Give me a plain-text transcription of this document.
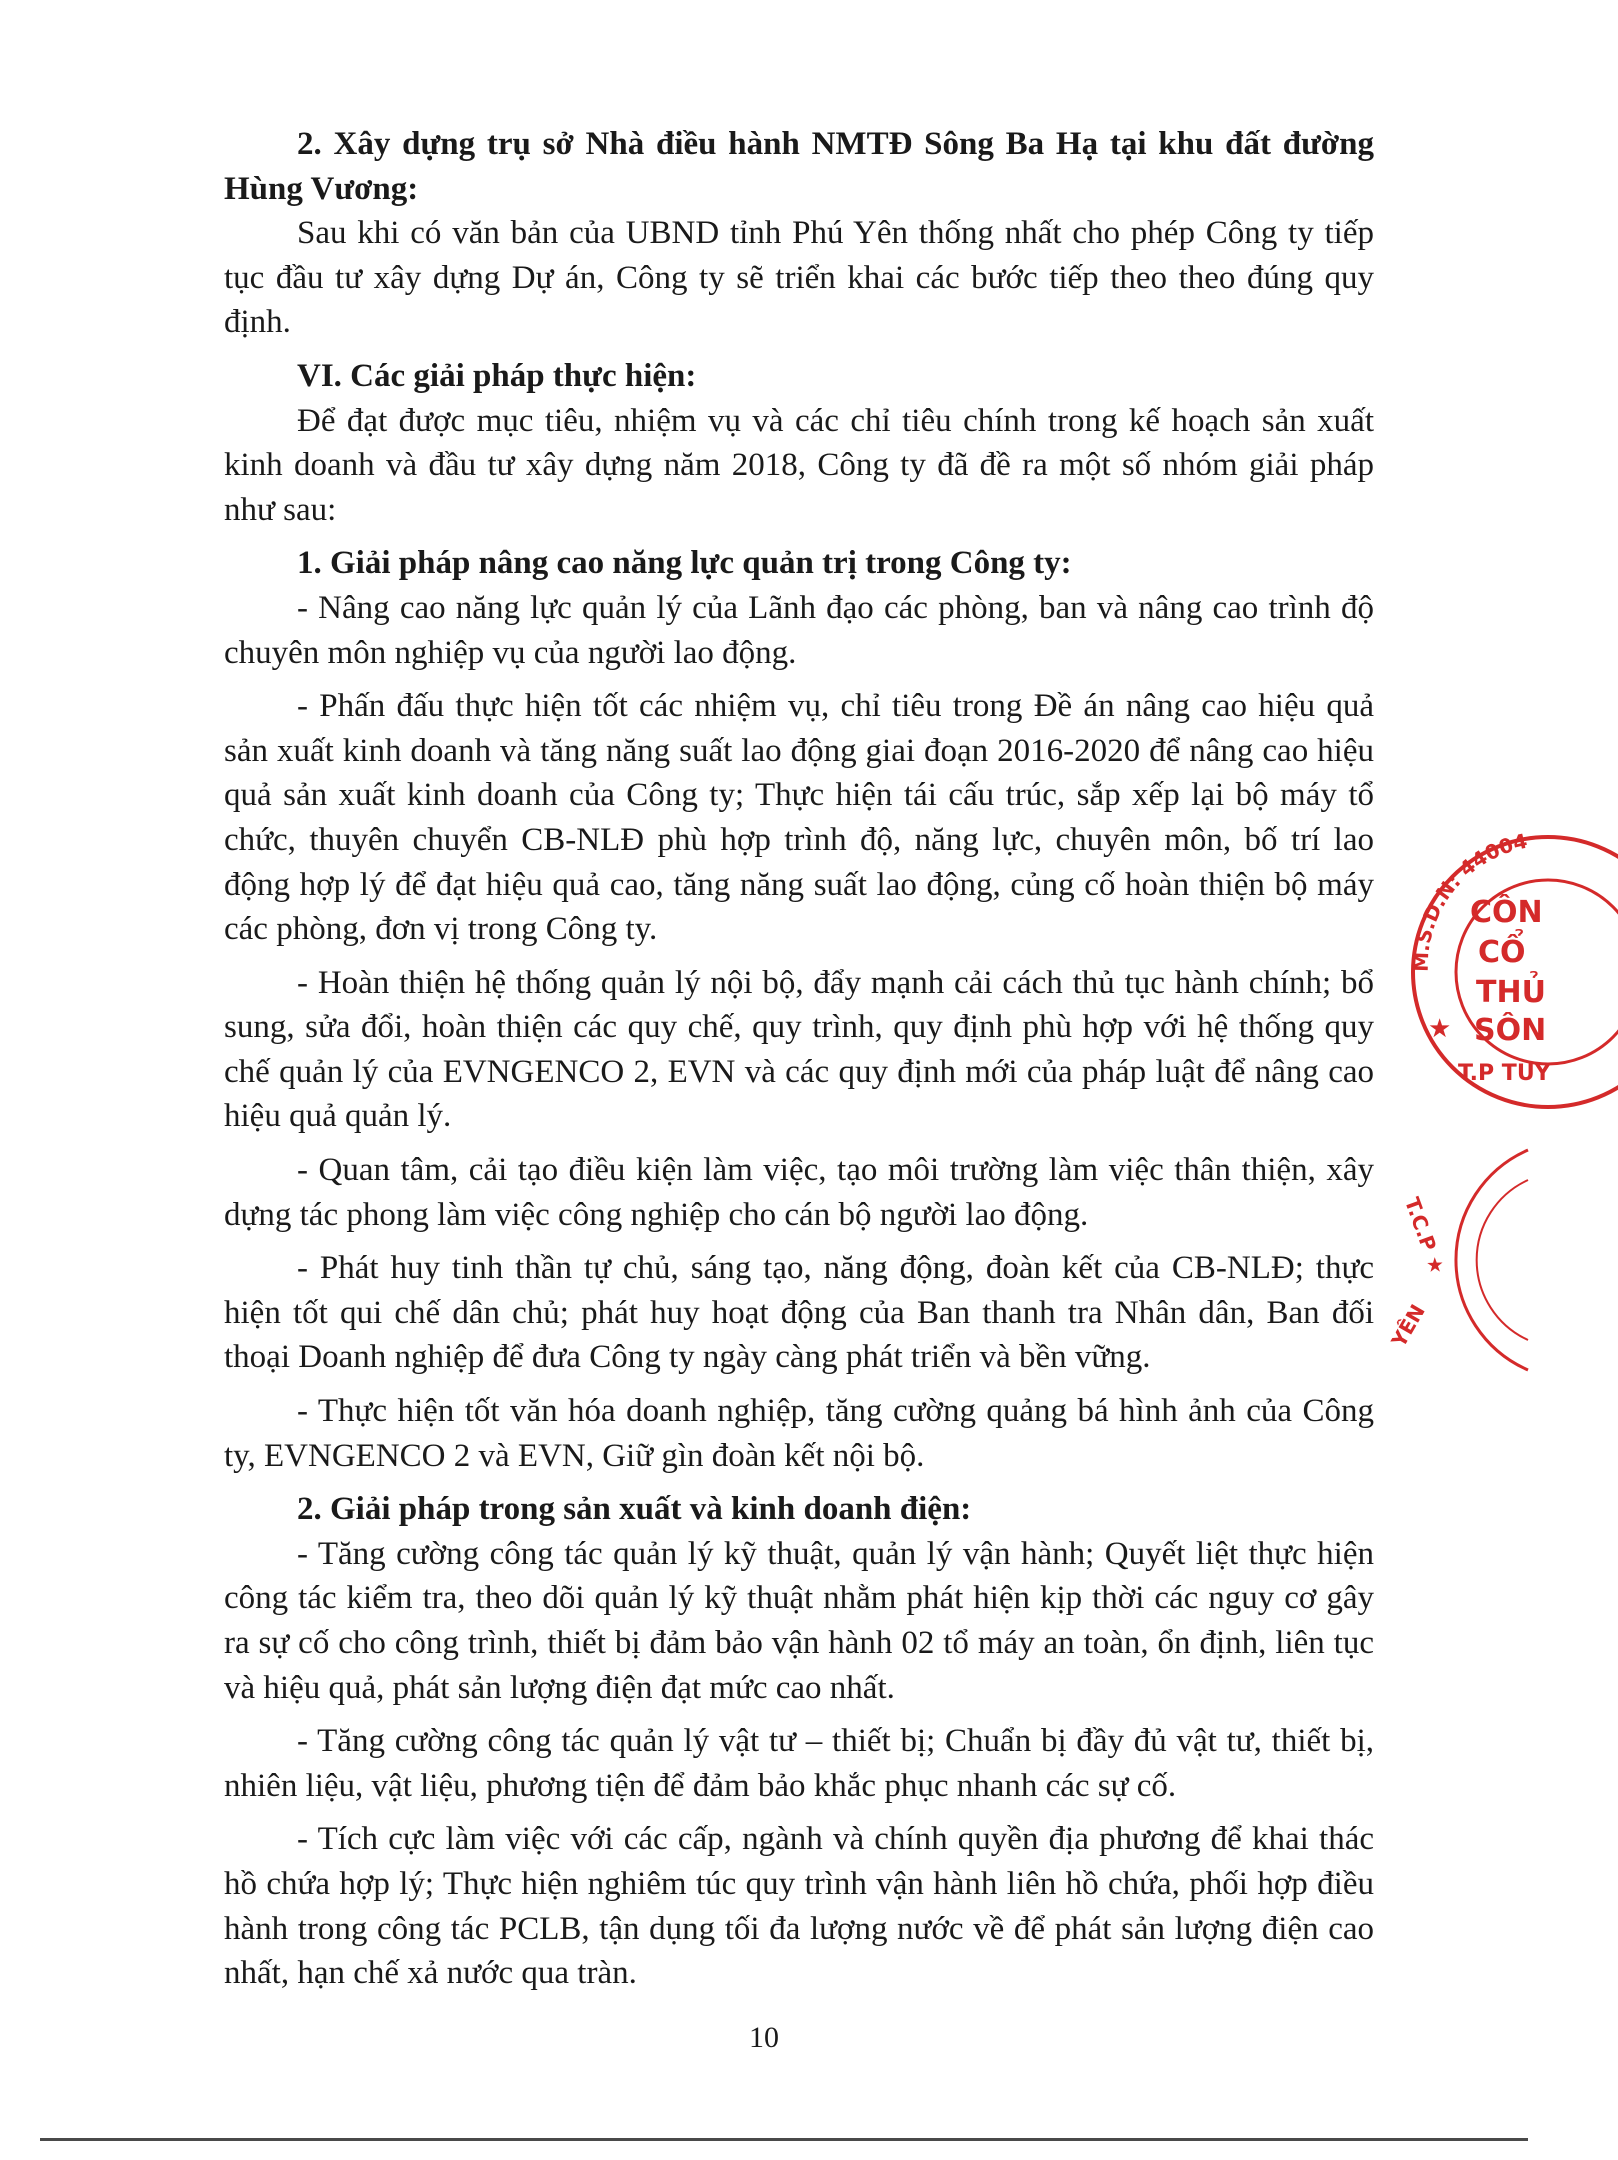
2. Xây dựng trụ sở Nhà điều hành NMTĐ Sông Ba Hạ tại khu đất đường Hùng Vương:

Sau khi có văn bản của UBND tỉnh Phú Yên thống nhất cho phép Công ty tiếp tục đầu tư xây dựng Dự án, Công ty sẽ triển khai các bước tiếp theo theo đúng quy định.

VI. Các giải pháp thực hiện:

Để đạt được mục tiêu, nhiệm vụ và các chỉ tiêu chính trong kế hoạch sản xuất kinh doanh và đầu tư xây dựng năm 2018, Công ty đã đề ra một số nhóm giải pháp như sau:

1. Giải pháp nâng cao năng lực quản trị trong Công ty:

- Nâng cao năng lực quản lý của Lãnh đạo các phòng, ban và nâng cao trình độ chuyên môn nghiệp vụ của người lao động.

- Phấn đấu thực hiện tốt các nhiệm vụ, chỉ tiêu trong Đề án nâng cao hiệu quả sản xuất kinh doanh và tăng năng suất lao động giai đoạn 2016-2020 để nâng cao hiệu quả sản xuất kinh doanh của Công ty; Thực hiện tái cấu trúc, sắp xếp lại bộ máy tổ chức, thuyên chuyển CB-NLĐ phù hợp trình độ, năng lực, chuyên môn, bố trí lao động hợp lý để đạt hiệu quả cao, tăng năng suất lao động, củng cố hoàn thiện bộ máy các phòng, đơn vị trong Công ty.

- Hoàn thiện hệ thống quản lý nội bộ, đẩy mạnh cải cách thủ tục hành chính; bổ sung, sửa đổi, hoàn thiện các quy chế, quy trình, quy định phù hợp với hệ thống quy chế quản lý của EVNGENCO 2, EVN và các quy định mới của pháp luật để nâng cao hiệu quả quản lý.

- Quan tâm, cải tạo điều kiện làm việc, tạo môi trường làm việc thân thiện, xây dựng tác phong làm việc công nghiệp cho cán bộ người lao động.

- Phát huy tinh thần tự chủ, sáng tạo, năng động, đoàn kết của CB-NLĐ; thực hiện tốt qui chế dân chủ; phát huy hoạt động của Ban thanh tra Nhân dân, Ban đối thoại Doanh nghiệp để đưa Công ty ngày càng phát triển và bền vững.

- Thực hiện tốt văn hóa doanh nghiệp, tăng cường quảng bá hình ảnh của Công ty, EVNGENCO 2 và EVN, Giữ gìn đoàn kết nội bộ.

2. Giải pháp trong sản xuất và kinh doanh điện:

- Tăng cường công tác quản lý kỹ thuật, quản lý vận hành; Quyết liệt thực hiện công tác kiểm tra, theo dõi quản lý kỹ thuật nhằm phát hiện kịp thời các nguy cơ gây ra sự cố cho công trình, thiết bị đảm bảo vận hành 02 tổ máy an toàn, ổn định, liên tục và hiệu quả, phát sản lượng điện đạt mức cao nhất.

- Tăng cường công tác quản lý vật tư – thiết bị; Chuẩn bị đầy đủ vật tư, thiết bị, nhiên liệu, vật liệu, phương tiện để đảm bảo khắc phục nhanh các sự cố.

- Tích cực làm việc với các cấp, ngành và chính quyền địa phương để khai thác hồ chứa hợp lý; Thực hiện nghiêm túc quy trình vận hành liên hồ chứa, phối hợp điều hành trong công tác PCLB, tận dụng tối đa lượng nước về để phát sản lượng điện cao nhất, hạn chế xả nước qua tràn.

10
M.S.D.N: 44004
★
CÔN
CỔ
THỦ
SÔN
T.P TUY
T.C.P ★
YÊN
